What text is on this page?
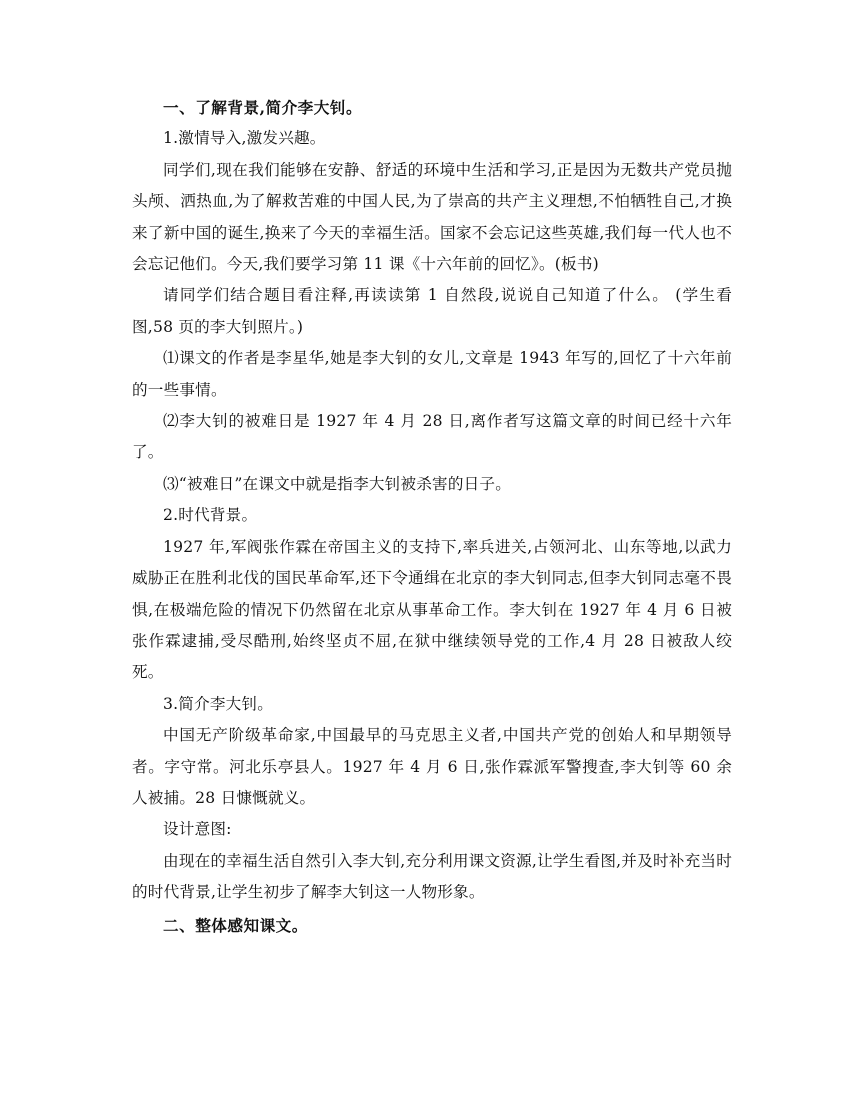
一、了解背景,简介李大钊。

1.激情导入,激发兴趣。

同学们,现在我们能够在安静、舒适的环境中生活和学习,正是因为无数共产党员抛头颅、洒热血,为了解救苦难的中国人民,为了崇高的共产主义理想,不怕牺牲自己,才换来了新中国的诞生,换来了今天的幸福生活。国家不会忘记这些英雄,我们每一代人也不会忘记他们。今天,我们要学习第 11 课《十六年前的回忆》。(板书)

请同学们结合题目看注释,再读读第 1 自然段,说说自己知道了什么。 (学生看图,58 页的李大钊照片。)

⑴课文的作者是李星华,她是李大钊的女儿,文章是 1943 年写的,回忆了十六年前的一些事情。

⑵李大钊的被难日是 1927 年 4 月 28 日,离作者写这篇文章的时间已经十六年了。

⑶“被难日”在课文中就是指李大钊被杀害的日子。

2.时代背景。

1927 年,军阀张作霖在帝国主义的支持下,率兵进关,占领河北、山东等地,以武力威胁正在胜利北伐的国民革命军,还下令通缉在北京的李大钊同志,但李大钊同志毫不畏惧,在极端危险的情况下仍然留在北京从事革命工作。李大钊在 1927 年 4 月 6 日被张作霖逮捕,受尽酷刑,始终坚贞不屈,在狱中继续领导党的工作,4 月 28 日被敌人绞死。

3.简介李大钊。

中国无产阶级革命家,中国最早的马克思主义者,中国共产党的创始人和早期领导者。字守常。河北乐亭县人。1927 年 4 月 6 日,张作霖派军警搜查,李大钊等 60 余人被捕。28 日慷慨就义。

设计意图:

由现在的幸福生活自然引入李大钊,充分利用课文资源,让学生看图,并及时补充当时的时代背景,让学生初步了解李大钊这一人物形象。

二、整体感知课文。
